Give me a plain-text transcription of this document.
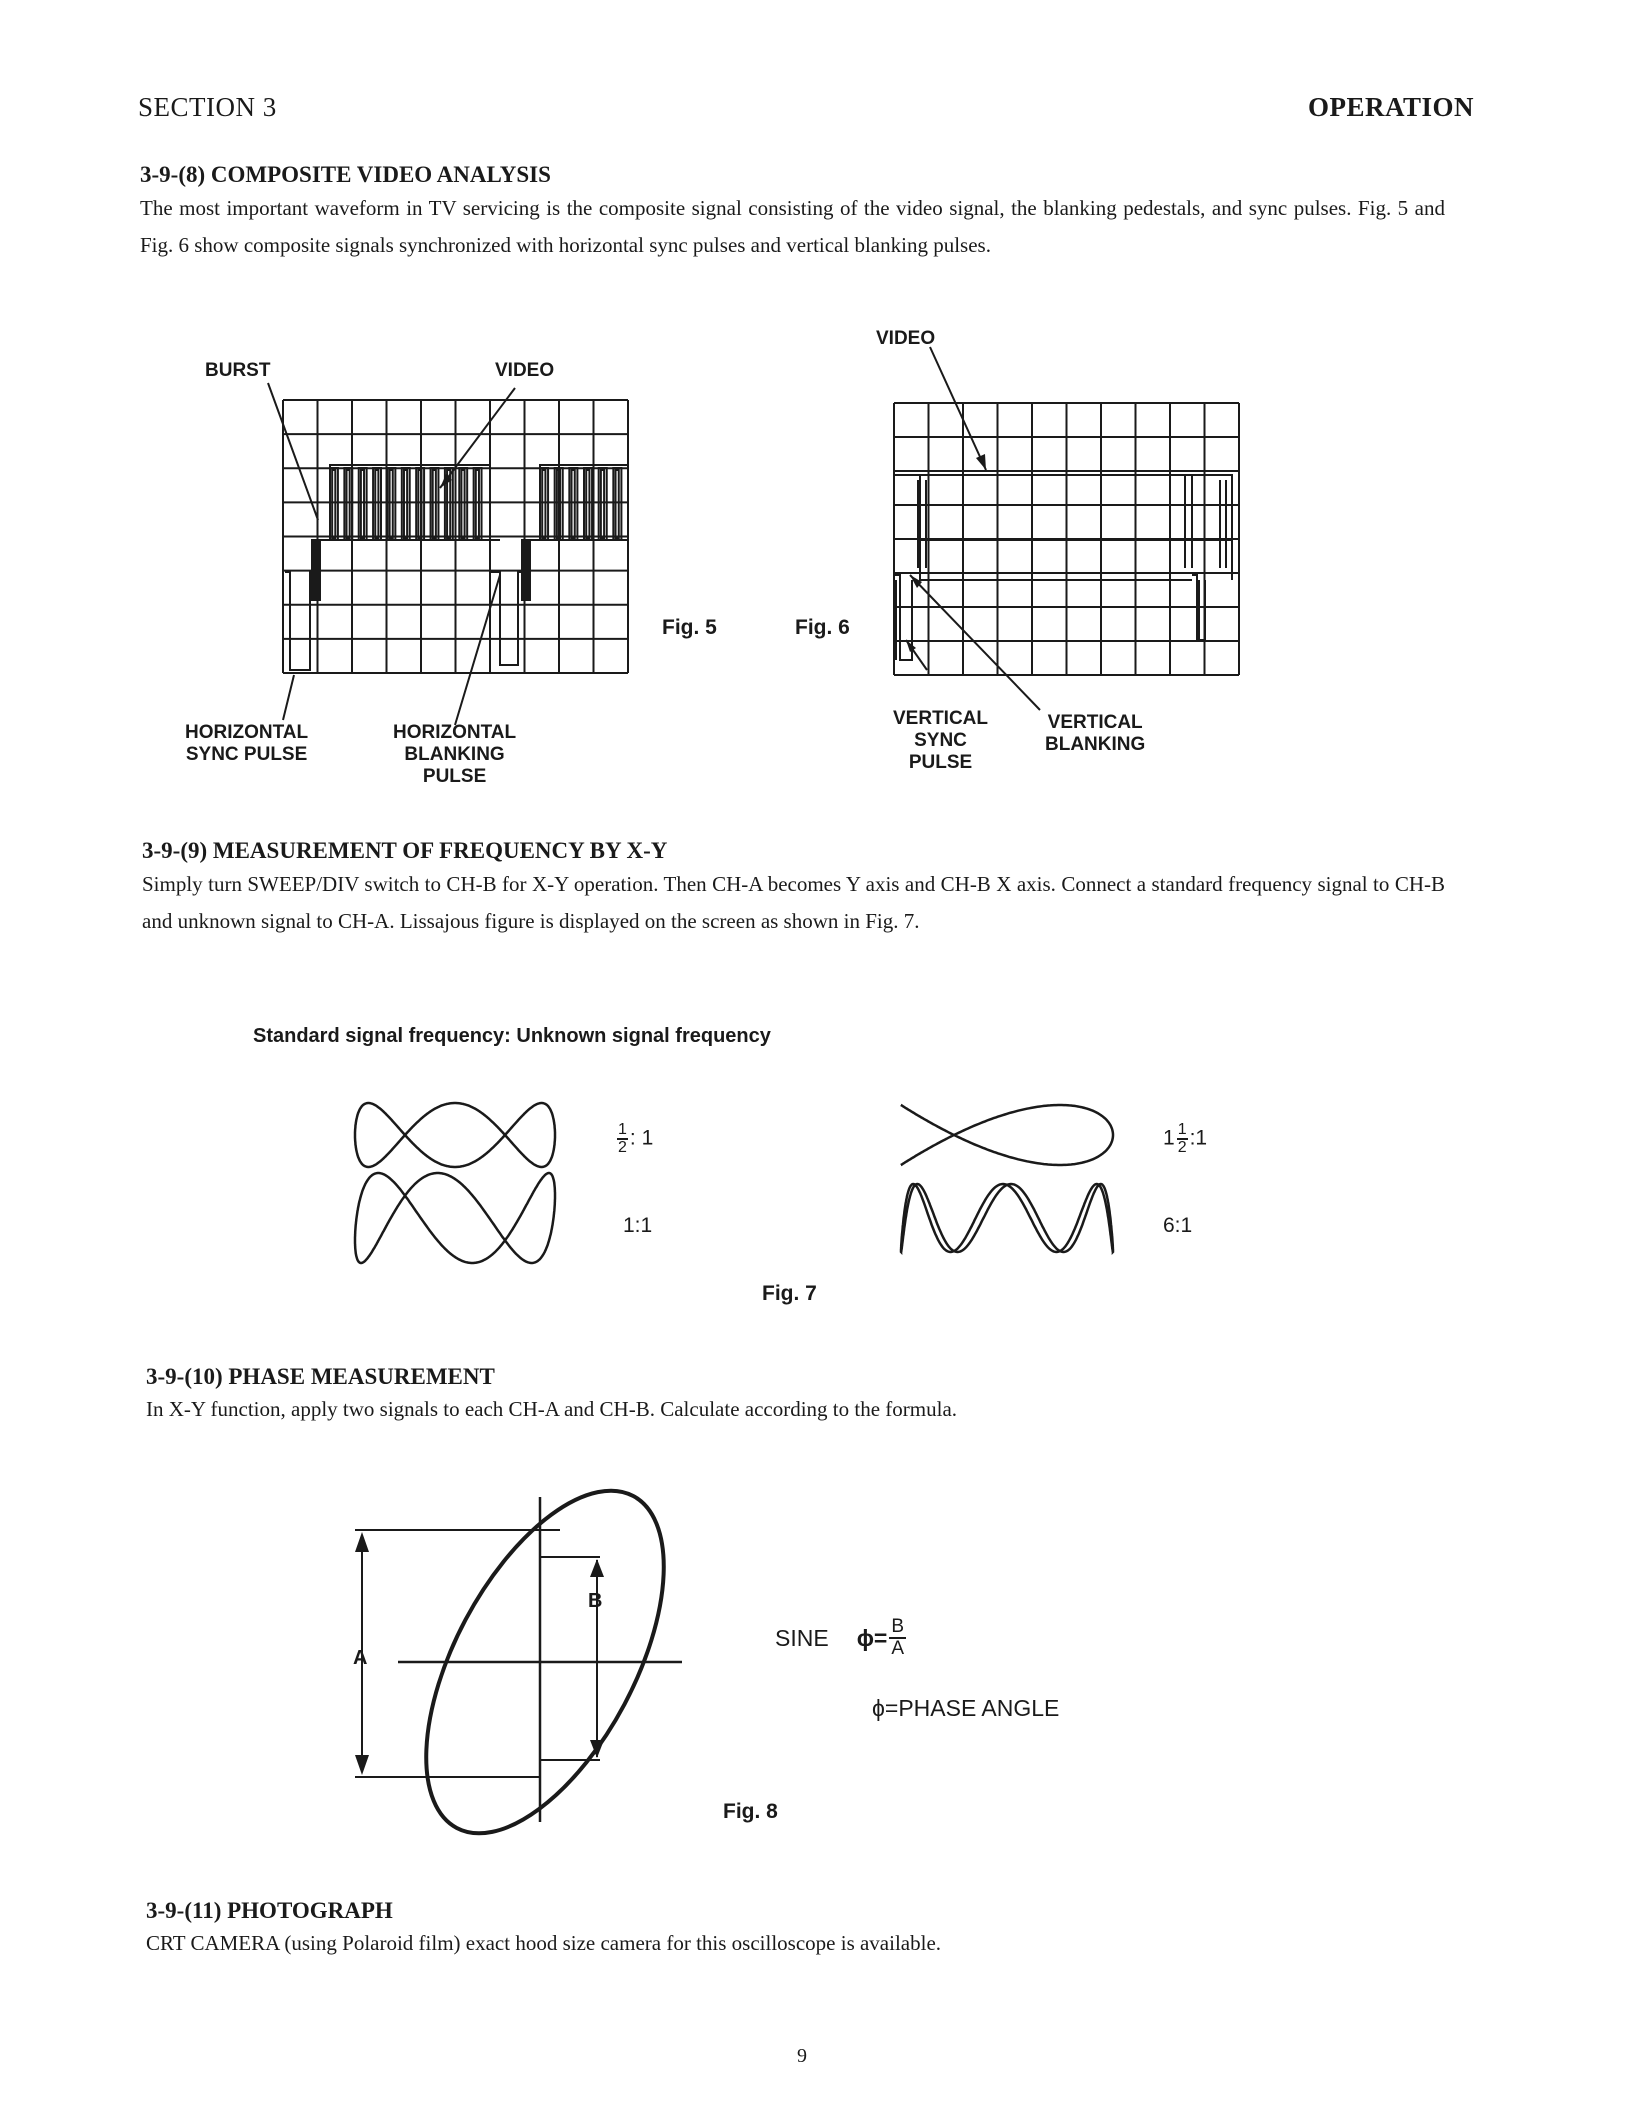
SECTION 3	OPERATION
3-9-(8) COMPOSITE VIDEO ANALYSIS
The most important waveform in TV servicing is the composite signal consisting of the video signal, the blanking pedestals, and sync pulses. Fig. 5 and Fig. 6 show composite signals synchronized with horizontal sync pulses and vertical blanking pulses.
BURST	VIDEO
HORIZONTAL
SYNC PULSE
HORIZONTAL
BLANKING
PULSE
Fig. 5	Fig. 6
VIDEO
VERTICAL
SYNC
PULSE
VERTICAL
BLANKING
3-9-(9) MEASUREMENT OF FREQUENCY BY X-Y
Simply turn SWEEP/DIV switch to CH-B for X-Y operation. Then CH-A becomes Y axis and CH-B X axis. Connect a standard frequency signal to CH-B and unknown signal to CH-A. Lissajous figure is displayed on the screen as shown in Fig. 7.
Standard signal frequency: Unknown signal frequency
$\frac{1}{2}$ : 1
1:1
$1 \frac{1}{2}$ :1
6:1
Fig. 7
3-9-(10) PHASE MEASUREMENT
In X-Y function, apply two signals to each CH-A and CH-B. Calculate according to the formula.
A
B
SINE $\phi= \frac{B}{A}$
ϕ=PHASE ANGLE
Fig. 8
3-9-(11) PHOTOGRAPH
CRT CAMERA (using Polaroid film) exact hood size camera for this oscilloscope is available.
9
